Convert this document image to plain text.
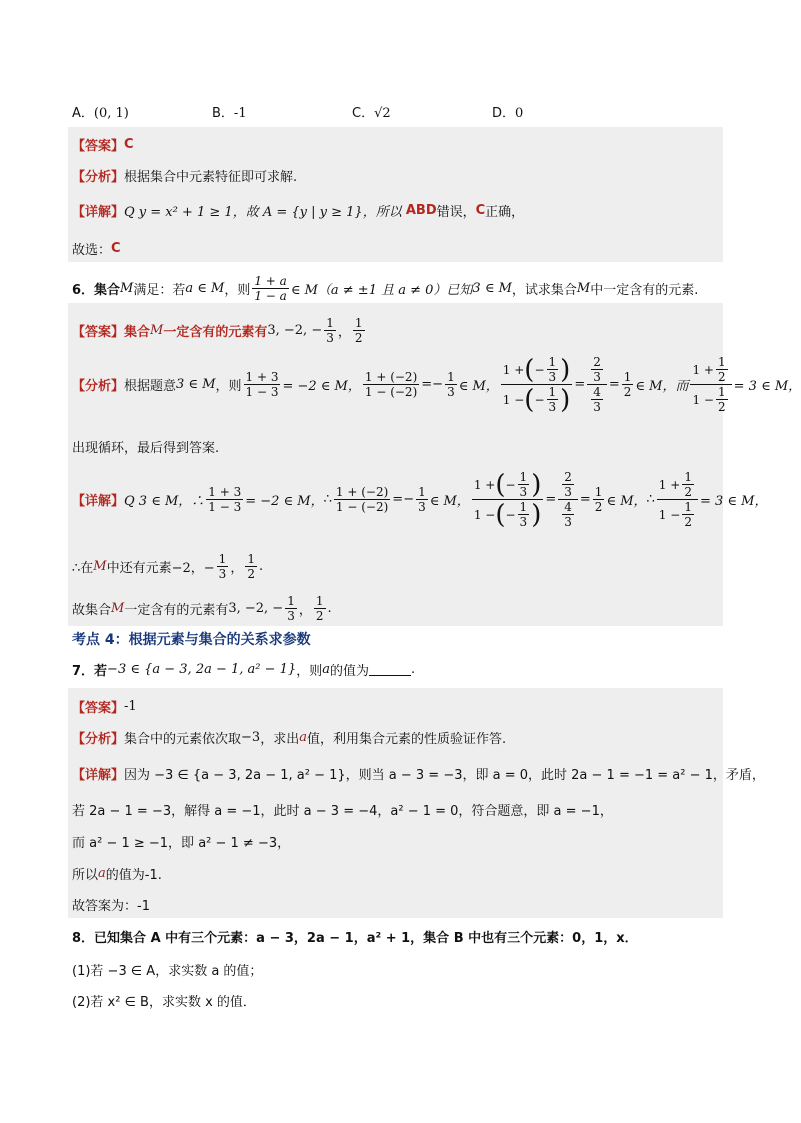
A．(0, 1)	B．-1	C．√2	D．0
【答案】 C
【分析】 根据集合中元素特征即可求解.
【详解】 Q y = x² + 1 ≥ 1，故 A = {y | y ≥ 1}，所以
ABD 错误， C 正确，
故选： C
6．集合 M 满足：若 a ∈ M ，则 $\frac{1 + a}{1 - a}$ ∈ M（a ≠ ±1 且 a ≠ 0）已知 3 ∈ M ，试求集合 M 中一定含有的元素.
【答案】 集合 M 一定含有的元素有 3, −2, − $\frac{1}{3}$ ， $\frac{1}{2}$
【分析】 根据题意 3 ∈ M ，则 $\frac{1 + 3}{1 - 3} = -2$ ∈ M， $\frac{1 + (-2)}{1 - (-2)}$ = − $\frac{1}{3}$ ∈ M， $\frac{1 + ( - \frac{1}{3} )}{1 - ( - \frac{1}{3} )} = \frac{\frac{2}{3}}{\frac{4}{3}} = \frac{1}{2}$ ∈ M，而 $\frac{1 + \frac{1}{2}}{1 - \frac{1}{2}} = 3$ ∈ M，
出现循环，最后得到答案.
【详解】 Q 3 ∈ M，∴ $\frac{1 + 3}{1 - 3} = -2$ ∈ M， ∴ $\frac{1 + (-2)}{1 - (-2)}$ = − $\frac{1}{3}$ ∈ M， $\frac{1 + ( - \frac{1}{3} )}{1 - ( - \frac{1}{3} )} = \frac{\frac{2}{3}}{\frac{4}{3}} = \frac{1}{2}$ ∈ M， ∴ $\frac{1 + \frac{1}{2}}{1 - \frac{1}{2}} = 3$ ∈ M，
∴在 M 中还有元素 −2，− $\frac{1}{3}$ ， $\frac{1}{2}$ .
故集合 M 一定含有的元素有 3, −2, − $\frac{1}{3}$ ， $\frac{1}{2}$ .
考点 4：根据元素与集合的关系求参数
7．若 −3 ∈ {a − 3, 2a − 1, a² − 1} ，则 a 的值为	.
【答案】 -1
【分析】 集合中的元素依次取 −3 ，求出 a 值，利用集合元素的性质验证作答.
【详解】 因为 −3 ∈ {a − 3, 2a − 1, a² − 1}，则当 a − 3 = −3，即 a = 0，此时 2a − 1 = −1 = a² − 1，矛盾，
若 2a − 1 = −3，解得 a = −1，此时 a − 3 = −4，a² − 1 = 0，符合题意，即 a = −1，
而 a² − 1 ≥ −1，即 a² − 1 ≠ −3，
所以 a 的值为-1.
故答案为：-1
8．已知集合 A 中有三个元素：a − 3，2a − 1，a² + 1，集合 B 中也有三个元素：0，1，x．
(1)若 −3 ∈ A，求实数 a 的值；
(2)若 x² ∈ B，求实数 x 的值．
